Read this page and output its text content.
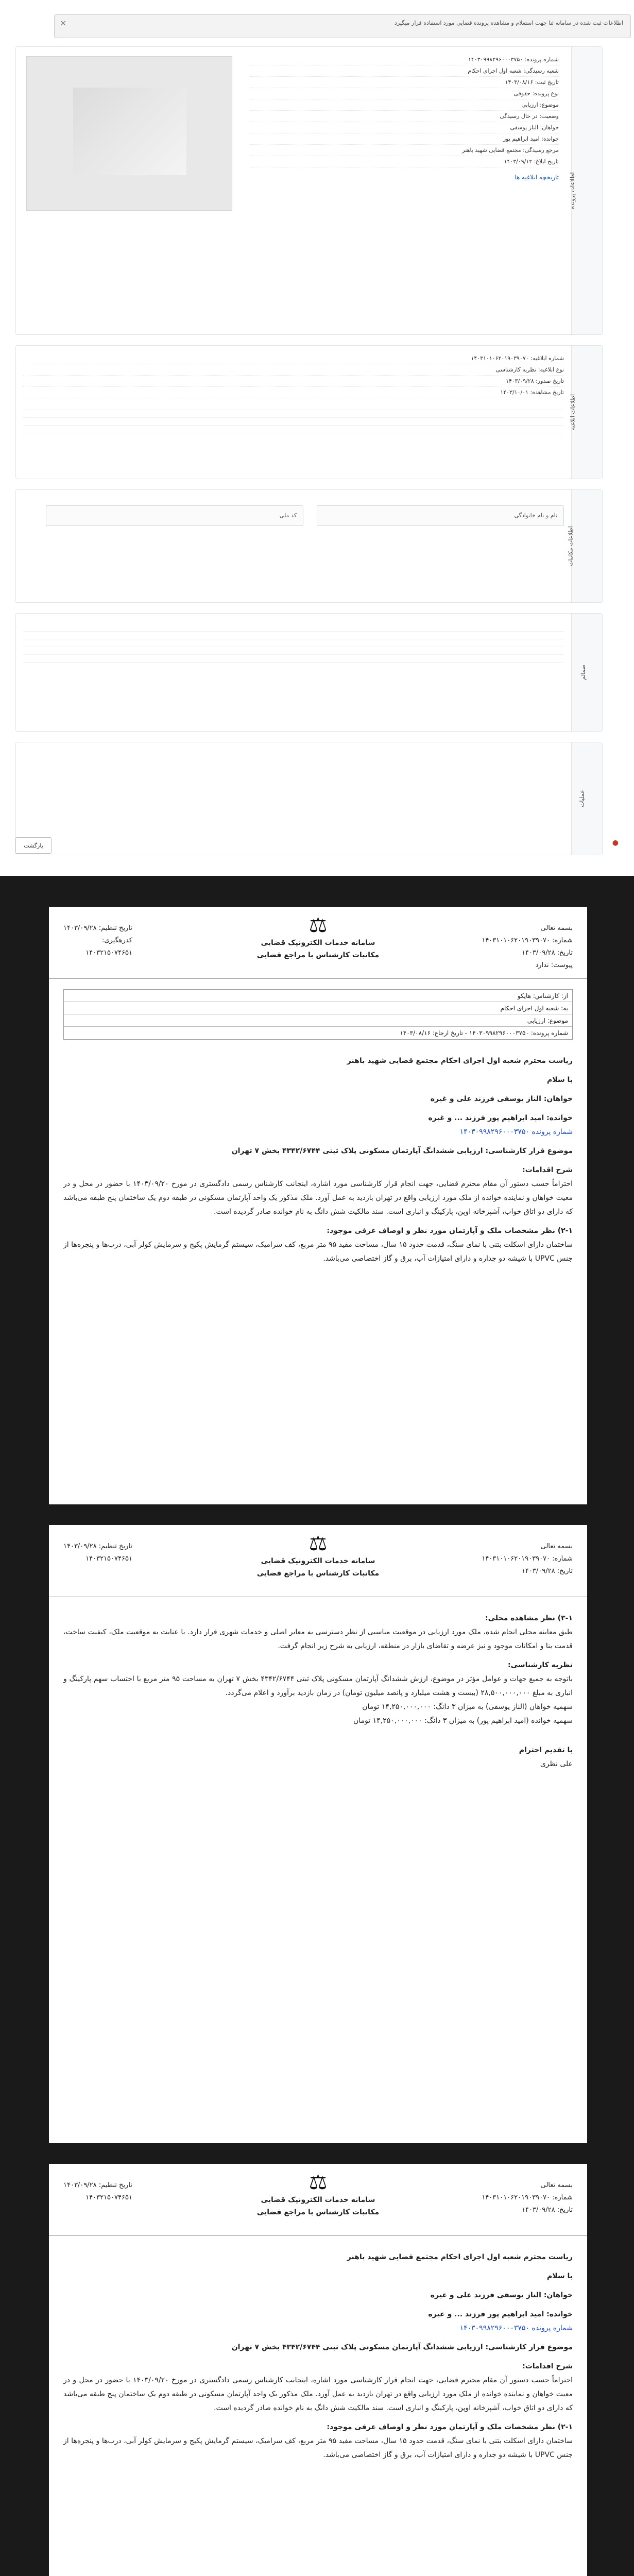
اطلاعات ثبت شده در سامانه ثنا جهت استعلام و مشاهده پرونده قضایی مورد استفاده قرار میگیرد
×
اطلاعات پرونده
شماره پرونده: ۱۴۰۳۰۹۹۸۲۹۶۰۰۰۳۷۵۰
شعبه رسیدگی: شعبه اول اجرای احکام
تاریخ ثبت: ۱۴۰۳/۰۸/۱۶
نوع پرونده: حقوقی
موضوع: ارزیابی
وضعیت: در حال رسیدگی
خواهان: الناز یوسفی
خوانده: امید ابراهیم پور
مرجع رسیدگی: مجتمع قضایی شهید باهنر
تاریخ ابلاغ: ۱۴۰۳/۰۹/۱۲
تاریخچه ابلاغیه ها
اطلاعات ابلاغیه
شماره ابلاغیه: ۱۴۰۳۱۰۱۰۶۲۰۱۹۰۳۹۰۷۰
نوع ابلاغیه: نظریه کارشناسی
تاریخ صدور: ۱۴۰۳/۰۹/۲۸
تاریخ مشاهده: ۱۴۰۳/۱۰/۰۱
اطلاعات مکاتبات
نام و نام خانوادگی
کد ملی
ضمائم
عملیات
●
بازگشت
بسمه تعالی
شماره: ۱۴۰۳۱۰۱۰۶۲۰۱۹۰۳۹۰۷۰
تاریخ: ۱۴۰۳/۰۹/۲۸
پیوست: ندارد
⚖
سامانه خدمات الکترونیک قضایی
مکاتبات کارشناس با مراجع قضایی
تاریخ تنظیم: ۱۴۰۳/۰۹/۲۸
کدرهگیری:
۱۴۰۳۲۱۵۰۷۴۶۵۱
از: کارشناس: هایکو
به: شعبه اول اجرای احکام
موضوع: ارزیابی
شماره پرونده: ۱۴۰۳۰۹۹۸۲۹۶۰۰۰۳۷۵۰ - تاریخ ارجاع: ۱۴۰۳/۰۸/۱۶
ریاست محترم شعبه اول اجرای احکام مجتمع قضایی شهید باهنر
با سلام
خواهان: الناز یوسفی فرزند علی و غیره
خوانده: امید ابراهیم پور فرزند ... و غیره
شماره پرونده ۱۴۰۳۰۹۹۸۲۹۶۰۰۰۳۷۵۰
موضوع قرار کارشناسی: ارزیابی ششدانگ آپارتمان مسکونی پلاک ثبتی ۴۳۴۲/۶۷۴۴ بخش ۷ تهران
شرح اقدامات:
احتراماً حسب دستور آن مقام محترم قضایی، جهت انجام قرار کارشناسی مورد اشاره، اینجانب کارشناس رسمی دادگستری در مورخ ۱۴۰۳/۰۹/۲۰ با حضور در محل و در معیت خواهان و نماینده خوانده از ملک مورد ارزیابی واقع در تهران بازدید به عمل آورد. ملک مذکور یک واحد آپارتمان مسکونی در طبقه دوم یک ساختمان پنج طبقه می‌باشد که دارای دو اتاق خواب، آشپزخانه اوپن، پارکینگ و انباری است. سند مالکیت شش دانگ به نام خوانده صادر گردیده است.
۲-۱) نظر مشخصات ملک و آپارتمان مورد نظر و اوصاف عرفی موجود:
ساختمان دارای اسکلت بتنی با نمای سنگ، قدمت حدود ۱۵ سال، مساحت مفید ۹۵ متر مربع، کف سرامیک، سیستم گرمایش پکیج و سرمایش کولر آبی، درب‌ها و پنجره‌ها از جنس UPVC با شیشه دو جداره و دارای امتیازات آب، برق و گاز اختصاصی می‌باشد.
بسمه تعالی
شماره: ۱۴۰۳۱۰۱۰۶۲۰۱۹۰۳۹۰۷۰
تاریخ: ۱۴۰۳/۰۹/۲۸
⚖
سامانه خدمات الکترونیک قضایی
مکاتبات کارشناس با مراجع قضایی
تاریخ تنظیم: ۱۴۰۳/۰۹/۲۸
۱۴۰۳۲۱۵۰۷۴۶۵۱
۳-۱) نظر مشاهده محلی:
طبق معاینه محلی انجام شده، ملک مورد ارزیابی در موقعیت مناسبی از نظر دسترسی به معابر اصلی و خدمات شهری قرار دارد. با عنایت به موقعیت ملک، کیفیت ساخت، قدمت بنا و امکانات موجود و نیز عرضه و تقاضای بازار در منطقه، ارزیابی به شرح زیر انجام گرفت.
نظریه کارشناسی:
باتوجه به جمیع جهات و عوامل مؤثر در موضوع، ارزش ششدانگ آپارتمان مسکونی پلاک ثبتی ۴۳۴۲/۶۷۴۴ بخش ۷ تهران به مساحت ۹۵ متر مربع با احتساب سهم پارکینگ و انباری به مبلغ ۲۸,۵۰۰,۰۰۰,۰۰۰ (بیست و هشت میلیارد و پانصد میلیون تومان) در زمان بازدید برآورد و اعلام می‌گردد.
سهمیه خواهان (الناز یوسفی) به میزان ۳ دانگ: ۱۴,۲۵۰,۰۰۰,۰۰۰ تومان
سهمیه خوانده (امید ابراهیم پور) به میزان ۳ دانگ: ۱۴,۲۵۰,۰۰۰,۰۰۰ تومان
با تقدیم احترام
علی نظری
بسمه تعالی
شماره: ۱۴۰۳۱۰۱۰۶۲۰۱۹۰۳۹۰۷۰
تاریخ: ۱۴۰۳/۰۹/۲۸
⚖
سامانه خدمات الکترونیک قضایی
مکاتبات کارشناس با مراجع قضایی
تاریخ تنظیم: ۱۴۰۳/۰۹/۲۸
۱۴۰۳۲۱۵۰۷۴۶۵۱
ریاست محترم شعبه اول اجرای احکام مجتمع قضایی شهید باهنر
با سلام
خواهان: الناز یوسفی فرزند علی و غیره
خوانده: امید ابراهیم پور فرزند ... و غیره
شماره پرونده ۱۴۰۳۰۹۹۸۲۹۶۰۰۰۳۷۵۰
موضوع قرار کارشناسی: ارزیابی ششدانگ آپارتمان مسکونی پلاک ثبتی ۴۳۴۲/۶۷۴۴ بخش ۷ تهران
شرح اقدامات:
احتراماً حسب دستور آن مقام محترم قضایی، جهت انجام قرار کارشناسی مورد اشاره، اینجانب کارشناس رسمی دادگستری در مورخ ۱۴۰۳/۰۹/۲۰ با حضور در محل و در معیت خواهان و نماینده خوانده از ملک مورد ارزیابی واقع در تهران بازدید به عمل آورد. ملک مذکور یک واحد آپارتمان مسکونی در طبقه دوم یک ساختمان پنج طبقه می‌باشد که دارای دو اتاق خواب، آشپزخانه اوپن، پارکینگ و انباری است. سند مالکیت شش دانگ به نام خوانده صادر گردیده است.
۲-۱) نظر مشخصات ملک و آپارتمان مورد نظر و اوصاف عرفی موجود:
ساختمان دارای اسکلت بتنی با نمای سنگ، قدمت حدود ۱۵ سال، مساحت مفید ۹۵ متر مربع، کف سرامیک، سیستم گرمایش پکیج و سرمایش کولر آبی، درب‌ها و پنجره‌ها از جنس UPVC با شیشه دو جداره و دارای امتیازات آب، برق و گاز اختصاصی می‌باشد.
